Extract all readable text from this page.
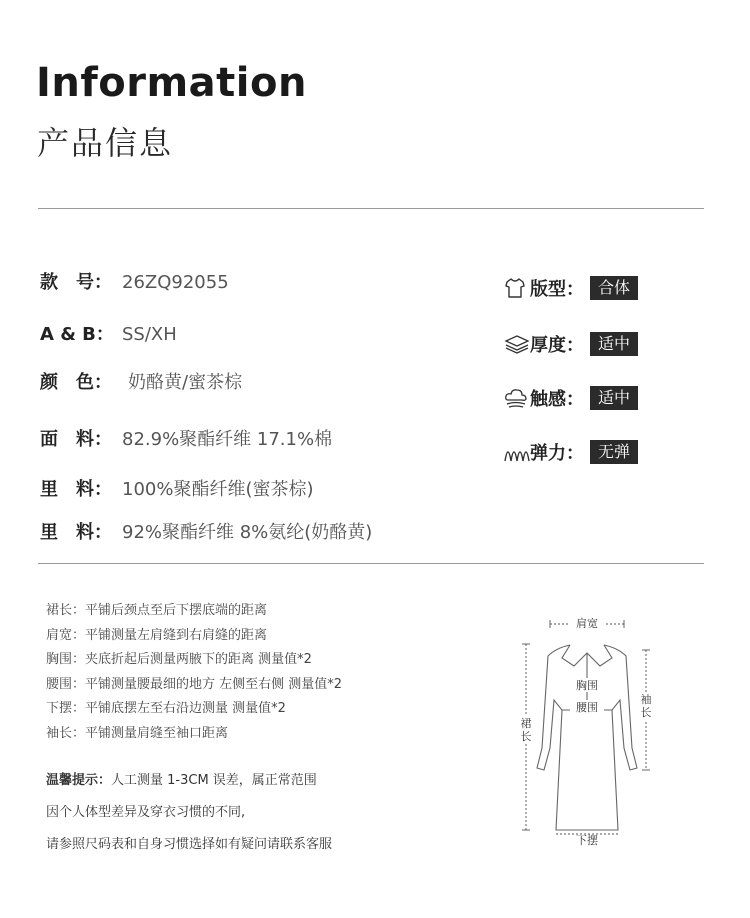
Information
产品信息
款　号： 26ZQ92055
A & B： SS/XH
颜　色： 奶酪黄/蜜茶棕
面　料： 82.9%聚酯纤维 17.1%棉
里　料： 100%聚酯纤维(蜜茶棕)
里　料： 92%聚酯纤维 8%氨纶(奶酪黄)
版型： 合体
厚度： 适中
触感： 适中
弹力： 无弹
裙长：平铺后颈点至后下摆底端的距离
肩宽：平铺测量左肩缝到右肩缝的距离
胸围：夹底折起后测量两腋下的距离 测量值*2
腰围：平铺测量腰最细的地方 左侧至右侧 测量值*2
下摆：平铺底摆左至右沿边测量 测量值*2
袖长：平铺测量肩缝至袖口距离
温馨提示：人工测量 1-3CM 误差，属正常范围
因个人体型差异及穿衣习惯的不同,
请参照尺码表和自身习惯选择如有疑问请联系客服
肩宽
胸围
腰围
裙
长
袖
长
下摆
